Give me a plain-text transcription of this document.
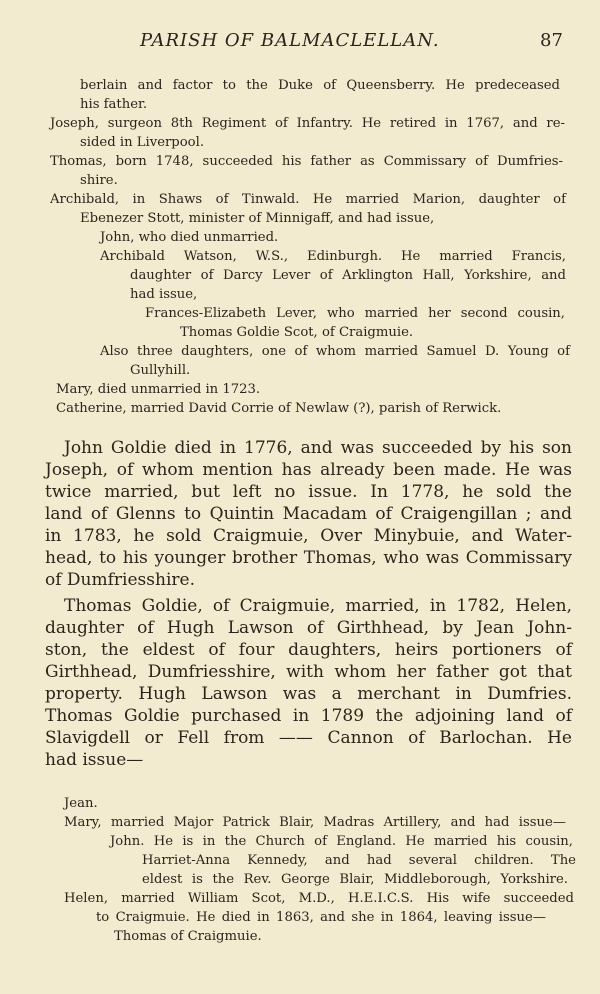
PARISH OF BALMACLELLAN.	87
berlain and factor to the Duke of Queensberry. He predeceased
his father.
Joseph, surgeon 8th Regiment of Infantry. He retired in 1767, and re-
sided in Liverpool.
Thomas, born 1748, succeeded his father as Commissary of Dumfries-
shire.
Archibald, in Shaws of Tinwald. He married Marion, daughter of
Ebenezer Stott, minister of Minnigaff, and had issue,
John, who died unmarried.
Archibald Watson, W.S., Edinburgh. He married Francis,
daughter of Darcy Lever of Arklington Hall, Yorkshire, and
had issue,
Frances-Elizabeth Lever, who married her second cousin,
Thomas Goldie Scot, of Craigmuie.
Also three daughters, one of whom married Samuel D. Young of
Gullyhill.
Mary, died unmarried in 1723.
Catherine, married David Corrie of Newlaw (?), parish of Rerwick.
John Goldie died in 1776, and was succeeded by his son
Joseph, of whom mention has already been made. He was
twice married, but left no issue. In 1778, he sold the
land of Glenns to Quintin Macadam of Craigengillan ; and
in 1783, he sold Craigmuie, Over Minybuie, and Water-
head, to his younger brother Thomas, who was Commissary
of Dumfriesshire.
Thomas Goldie, of Craigmuie, married, in 1782, Helen,
daughter of Hugh Lawson of Girthhead, by Jean John-
ston, the eldest of four daughters, heirs portioners of
Girthhead, Dumfriesshire, with whom her father got that
property. Hugh Lawson was a merchant in Dumfries.
Thomas Goldie purchased in 1789 the adjoining land of
Slavigdell or Fell from —— Cannon of Barlochan. He
had issue—
Jean.
Mary, married Major Patrick Blair, Madras Artillery, and had issue—
John. He is in the Church of England. He married his cousin,
Harriet-Anna Kennedy, and had several children. The
eldest is the Rev. George Blair, Middleborough, Yorkshire.
Helen, married William Scot, M.D., H.E.I.C.S. His wife succeeded
to Craigmuie. He died in 1863, and she in 1864, leaving issue—
Thomas of Craigmuie.
